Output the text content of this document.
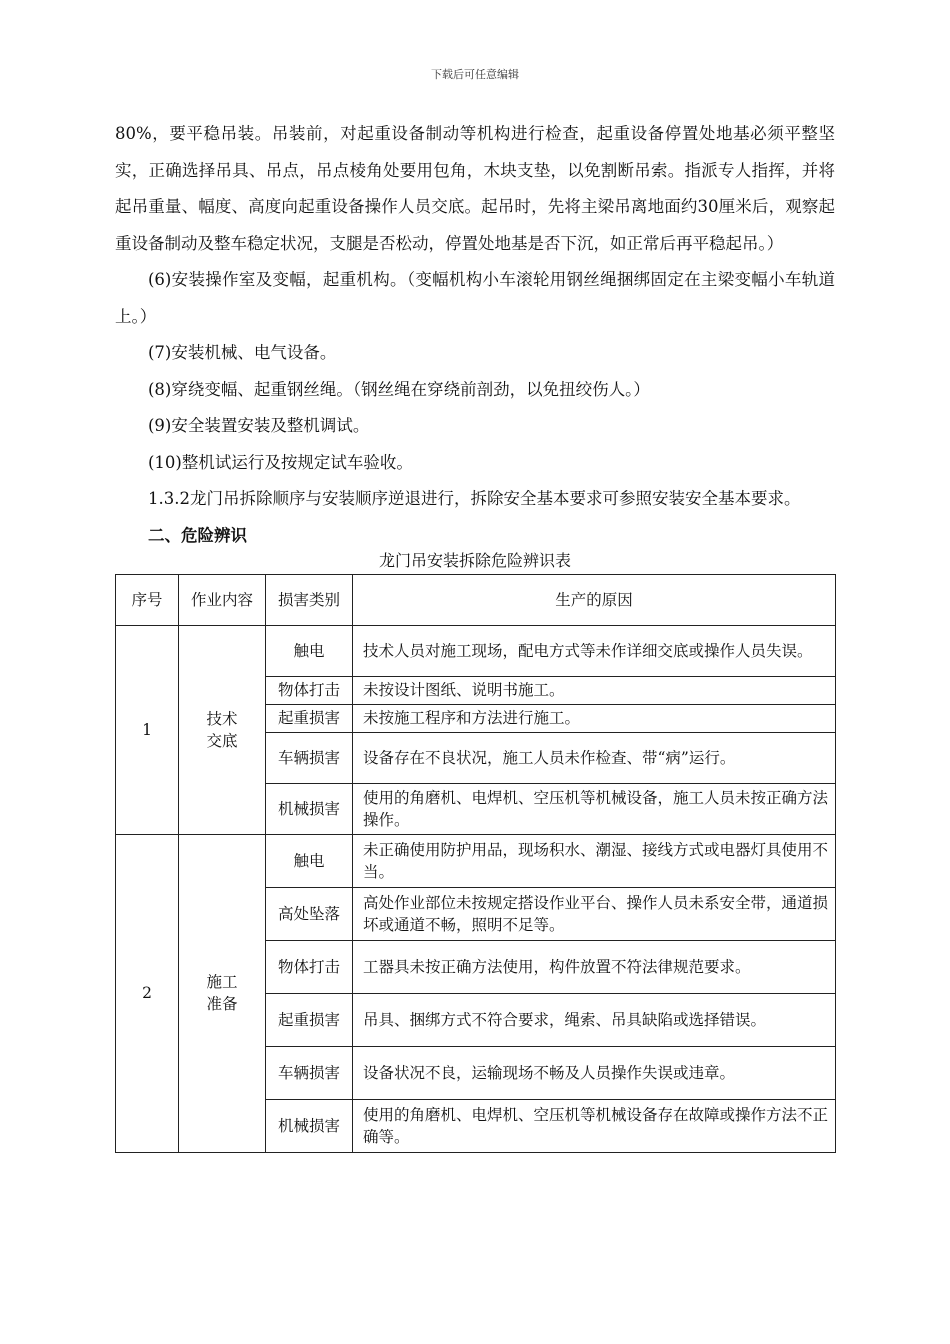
下载后可任意编辑

80%，要平稳吊装。吊装前，对起重设备制动等机构进行检查，起重设备停置处地基必须平整坚实，正确选择吊具、吊点，吊点棱角处要用包角，木块支垫，以免割断吊索。指派专人指挥，并将起吊重量、幅度、高度向起重设备操作人员交底。起吊时，先将主梁吊离地面约30厘米后，观察起重设备制动及整车稳定状况，支腿是否松动，停置处地基是否下沉，如正常后再平稳起吊。）

(6)安装操作室及变幅，起重机构。（变幅机构小车滚轮用钢丝绳捆绑固定在主梁变幅小车轨道上。）

(7)安装机械、电气设备。

(8)穿绕变幅、起重钢丝绳。（钢丝绳在穿绕前剖劲，以免扭绞伤人。）

(9)安全装置安装及整机调试。

(10)整机试运行及按规定试车验收。

1.3.2龙门吊拆除顺序与安装顺序逆退进行，拆除安全基本要求可参照安装安全基本要求。

二、危险辨识
龙门吊安装拆除危险辨识表
序号	作业内容	损害类别	生产的原因
1	技术交底	触电	技术人员对施工现场，配电方式等未作详细交底或操作人员失误。
		物体打击	未按设计图纸、说明书施工。
		起重损害	未按施工程序和方法进行施工。
		车辆损害	设备存在不良状况，施工人员未作检查、带“病”运行。
		机械损害	使用的角磨机、电焊机、空压机等机械设备，施工人员未按正确方法操作。
2	施工准备	触电	未正确使用防护用品，现场积水、潮湿、接线方式或电器灯具使用不当。
		高处坠落	高处作业部位未按规定搭设作业平台、操作人员未系安全带，通道损坏或通道不畅，照明不足等。
		物体打击	工器具未按正确方法使用，构件放置不符法律规范要求。
		起重损害	吊具、捆绑方式不符合要求，绳索、吊具缺陷或选择错误。
		车辆损害	设备状况不良，运输现场不畅及人员操作失误或违章。
		机械损害	使用的角磨机、电焊机、空压机等机械设备存在故障或操作方法不正确等。
